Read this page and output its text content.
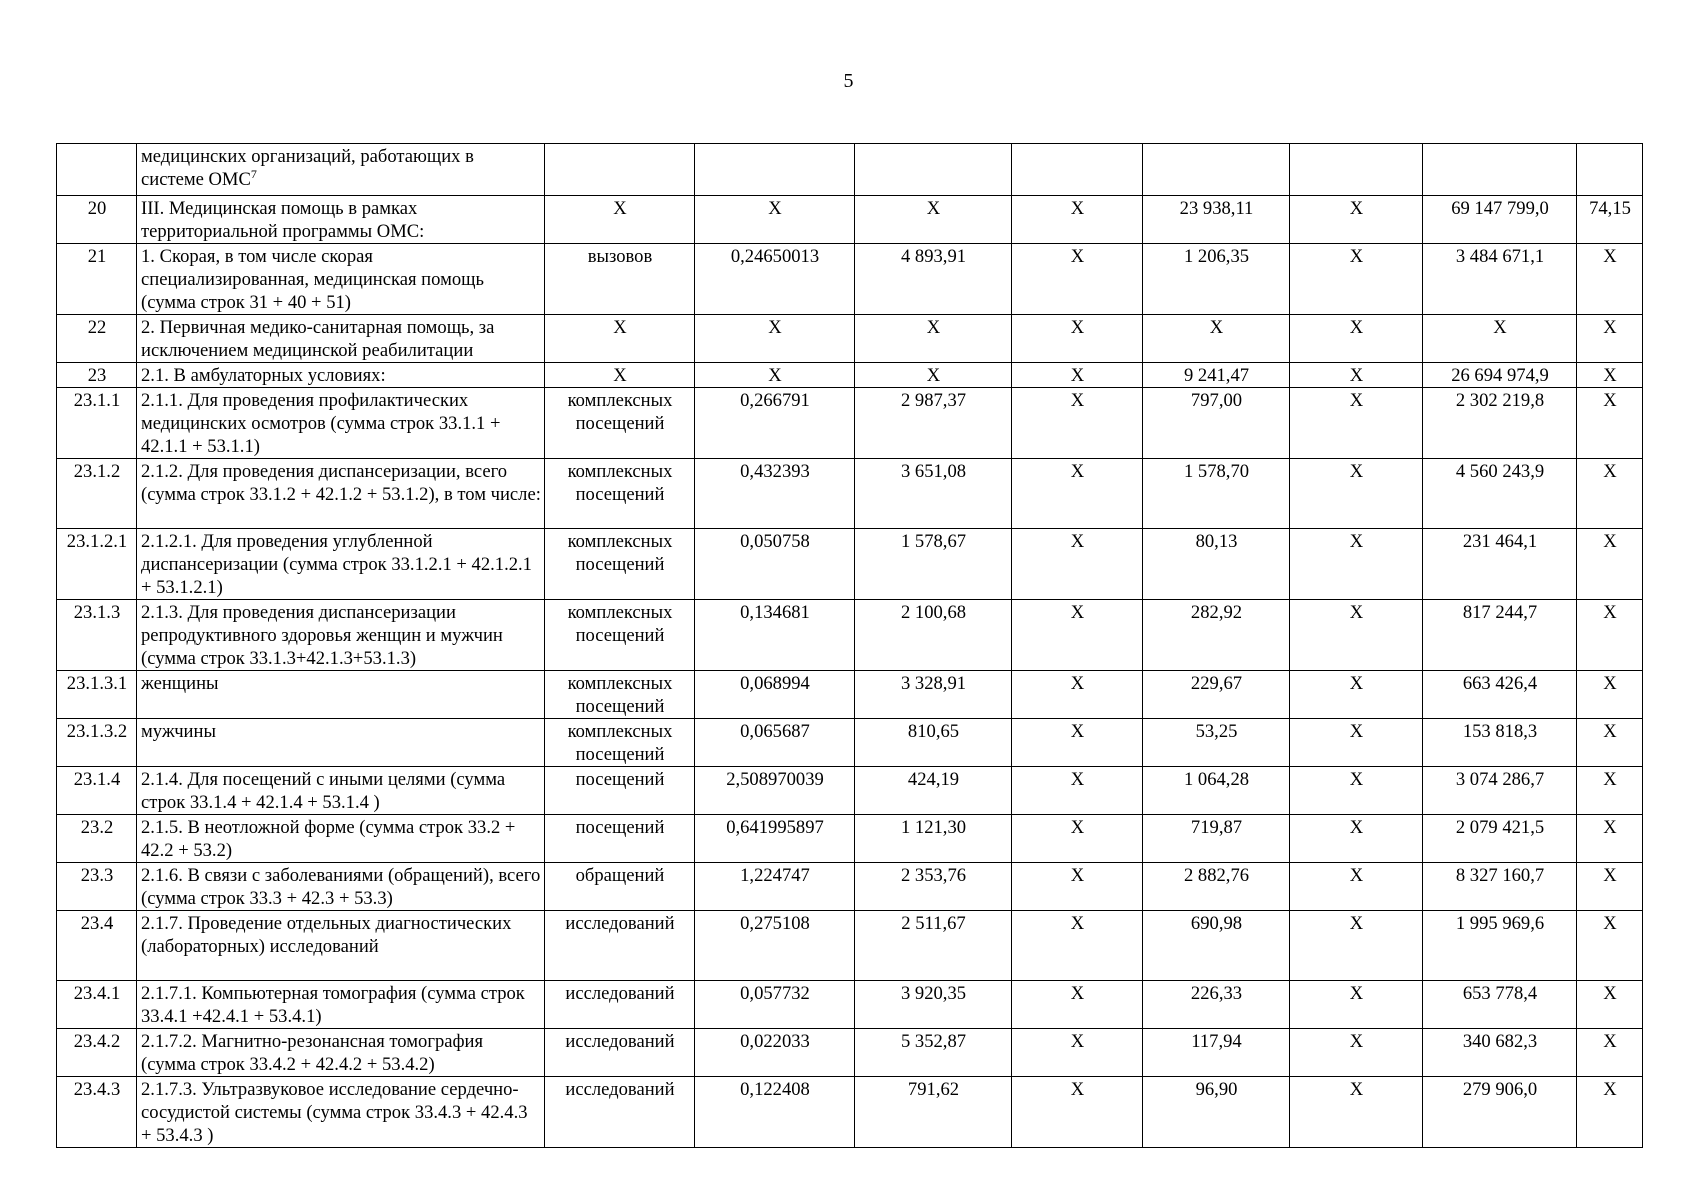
5
	медицинских организаций, работающих в системе ОМС$^7$								
20	III. Медицинская помощь в рамках территориальной программы ОМС:	X	X	X	X	23 938,11	X	69 147 799,0	74,15
21	1. Скорая, в том числе скорая специализированная, медицинская помощь (сумма строк 31 + 40 + 51)	вызовов	0,24650013	4 893,91	X	1 206,35	X	3 484 671,1	X
22	2. Первичная медико-санитарная помощь, за исключением медицинской реабилитации	X	X	X	X	X	X	X	X
23	2.1. В амбулаторных условиях:	X	X	X	X	9 241,47	X	26 694 974,9	X
23.1.1	2.1.1. Для проведения профилактических медицинских осмотров (сумма строк 33.1.1 + 42.1.1 + 53.1.1)	комплексных посещений	0,266791	2 987,37	X	797,00	X	2 302 219,8	X
23.1.2	2.1.2. Для проведения диспансеризации, всего (сумма строк 33.1.2 + 42.1.2 + 53.1.2), в том числе:	комплексных посещений	0,432393	3 651,08	X	1 578,70	X	4 560 243,9	X
23.1.2.1	2.1.2.1. Для проведения углубленной диспансеризации (сумма строк 33.1.2.1 + 42.1.2.1 + 53.1.2.1)	комплексных посещений	0,050758	1 578,67	X	80,13	X	231 464,1	X
23.1.3	2.1.3. Для проведения диспансеризации репродуктивного здоровья женщин и мужчин (сумма строк 33.1.3+42.1.3+53.1.3)	комплексных посещений	0,134681	2 100,68	X	282,92	X	817 244,7	X
23.1.3.1	женщины	комплексных посещений	0,068994	3 328,91	X	229,67	X	663 426,4	X
23.1.3.2	мужчины	комплексных посещений	0,065687	810,65	X	53,25	X	153 818,3	X
23.1.4	2.1.4. Для посещений с иными целями (сумма строк 33.1.4 + 42.1.4 + 53.1.4 )	посещений	2,508970039	424,19	X	1 064,28	X	3 074 286,7	X
23.2	2.1.5. В неотложной форме (сумма строк 33.2 + 42.2 + 53.2)	посещений	0,641995897	1 121,30	X	719,87	X	2 079 421,5	X
23.3	2.1.6. В связи с заболеваниями (обращений), всего (сумма строк 33.3 + 42.3 + 53.3)	обращений	1,224747	2 353,76	X	2 882,76	X	8 327 160,7	X
23.4	2.1.7. Проведение отдельных диагностических (лабораторных) исследований	исследований	0,275108	2 511,67	X	690,98	X	1 995 969,6	X
23.4.1	2.1.7.1. Компьютерная томография (сумма строк 33.4.1 +42.4.1 + 53.4.1)	исследований	0,057732	3 920,35	X	226,33	X	653 778,4	X
23.4.2	2.1.7.2. Магнитно-резонансная томография (сумма строк 33.4.2 + 42.4.2 + 53.4.2)	исследований	0,022033	5 352,87	X	117,94	X	340 682,3	X
23.4.3	2.1.7.3. Ультразвуковое исследование сердечно-сосудистой системы (сумма строк 33.4.3 + 42.4.3 + 53.4.3 )	исследований	0,122408	791,62	X	96,90	X	279 906,0	X
